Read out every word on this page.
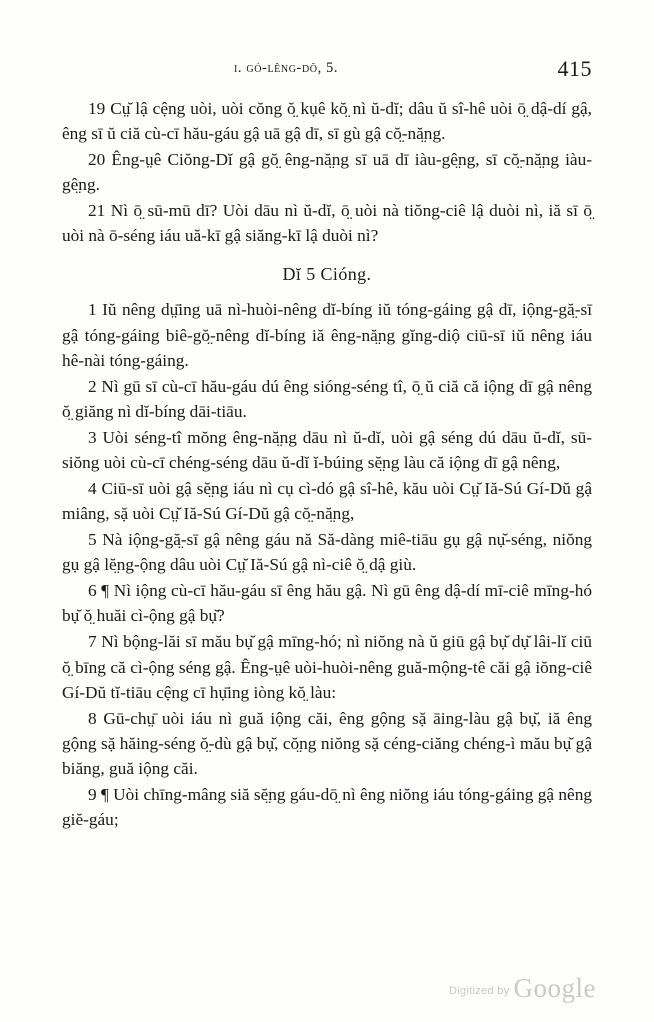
i. gó-lêng-dŏ, 5.	415

19 Cṳ̆ lậ cệng uòi, uòi cŏng ŏ̤ kụê kŏ̤ nì ŭ-dĭ; dâu ŭ sî-hê uòi ō̤ dậ-dí gậ, êng sī ŭ ciă cù-cī hău-gáu gậ uā gậ dī, sī gù gậ cŏ̤-nă̤ng.

20 Êng-ṳê Ciŏng-Dĭ gậ gŏ̤ êng-nă̤ng sī uā dī iàu-gê̤ng, sī cŏ̤-nă̤ng iàu-gê̤ng.

21 Nì ō̤ sū-mū dī? Uòi dāu nì ŭ-dĭ, ō̤ uòi nà tiŏng-ciê lậ duòi nì, iă sī ō̤ uòi nà ō-séng iáu uă-kī gậ siăng-kī lậ duòi nì?

Dĭ 5 Cióng.

1 Iŭ nêng dṳ̄ing uā nì-huòi-nêng dĭ-bíng iŭ tóng-gáing gậ dī, iộng-gă̤-sī gậ tóng-gáing biê-gŏ̤-nêng dĭ-bíng iă êng-nă̤ng gĭng-diộ ciū-sī iŭ nêng iáu hê-nài tóng-gáing.

2 Nì gū sī cù-cī hău-gáu dú êng sióng-séng tî, ō̤ ŭ ciă că iộng dī gậ nêng ŏ̤ giăng nì dĭ-bíng dāi-tiāu.

3 Uòi séng-tî mŏng êng-nă̤ng dāu nì ŭ-dĭ, uòi gậ séng dú dāu ŭ-dĭ, sū-siŏng uòi cù-cī chéng-séng dāu ŭ-dĭ ĭ-búing sĕ̤ng làu că iộng dī gậ nêng,

4 Ciū-sī uòi gậ sĕ̤ng iáu nì cụ cì-dó gậ sî-hê, kău uòi Cṳ̆ Iă-Sú Gí-Dŭ gậ miâng, sặ uòi Cṳ̆ Iă-Sú Gí-Dŭ gậ cŏ̤-nă̤ng,

5 Nà iộng-gă̤-sī gậ nêng gáu nă Să-dàng miê-tiāu gụ gậ nụ̆-séng, niŏng gụ gậ lĕ̤ng-ộng dâu uòi Cṳ̆ Iă-Sú gậ nì-ciê ŏ̤ dậ giù.

6 ¶ Nì iộng cù-cī hău-gáu sī êng hău gậ. Nì gū êng dậ-dí mī-ciê mīng-hó bụ̆ ŏ̤ huăi cì-ộng gậ bụ̆?

7 Nì bộng-lăi sī mău bụ̆ gậ mīng-hó; nì niŏng nà ŭ giū gậ bụ̆ dụ̆ lâi-lĭ ciū ŏ̤ bīng că cì-ộng séng gậ. Êng-ṳê uòi-huòi-nêng guă-mộng-tê căi gậ iŏng-ciê Gí-Dŭ tĭ-tiāu cệng cī hụ̄ing iòng kŏ̤ làu:

8 Gū-chṳ̄ uòi iáu nì guă iộng căi, êng gộng sặ āing-làu gậ bụ̆, iă êng gộng sặ hăing-séng ŏ̤-dù gậ bụ̆, cŏ̤ng niŏng sặ céng-ciăng chéng-ì mău bụ̆ gậ biăng, guă iộng căi.

9 ¶ Uòi chīng-mâng siă sĕ̤ng gáu-dō̤ nì êng niŏng iáu tóng-gáing gậ nêng giĕ-gáu;

Digitized by Google
